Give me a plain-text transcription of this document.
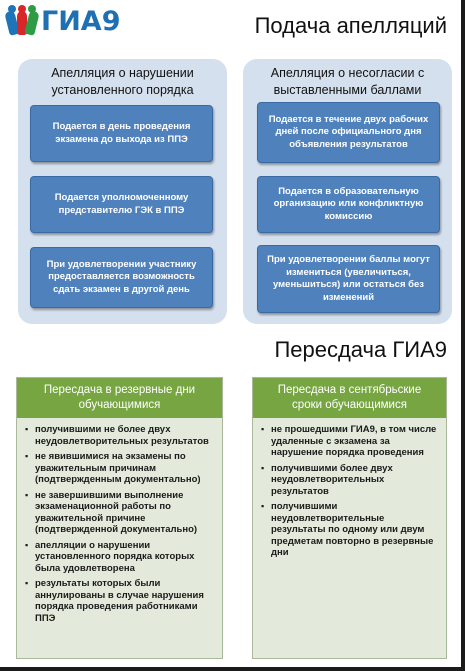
ГИА9	Подача апелляций
Апелляция о нарушении установленного порядка
Подается в день проведения экзамена до выхода из ППЭ
Подается уполномоченному представителю ГЭК в ППЭ
При удовлетворении участнику предоставляется возможность сдать экзамен в другой день
Апелляция о несогласии с выставленными баллами
Подается в течение двух рабочих дней после официального дня объявления результатов
Подается в образовательную организацию или конфликтную комиссию
При удовлетворении баллы могут измениться (увеличиться, уменьшиться) или остаться без изменений
Пересдача ГИА9
Пересдача в резервные дни обучающимися
▪ получившими не более двух неудовлетворительных результатов
▪ не явившимися на экзамены по уважительным причинам (подтвержденным документально)
▪ не завершившими выполнение экзаменационной работы по уважительной причине (подтвержденной документально)
▪ апелляции о нарушении установленного порядка которых была удовлетворена
▪ результаты которых были аннулированы в случае нарушения порядка проведения работниками ППЭ
Пересдача в сентябрьские сроки обучающимися
▪ не прошедшими ГИА9, в том числе удаленные с экзамена за нарушение порядка проведения
▪ получившими более двух неудовлетворительных результатов
▪ получившими неудовлетворительные результаты по одному или двум предметам повторно в резервные дни
